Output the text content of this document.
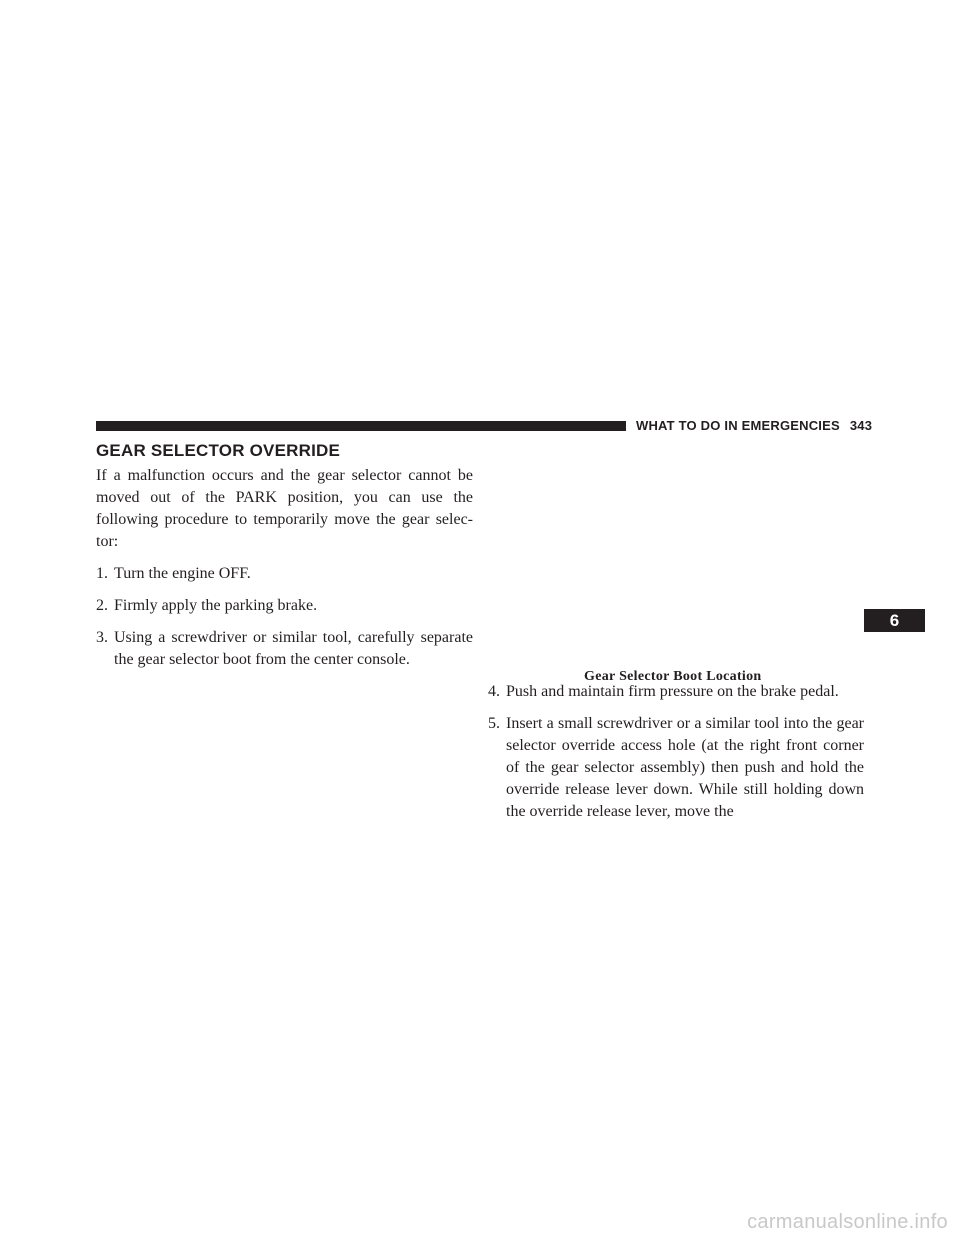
WHAT TO DO IN EMERGENCIES 343
GEAR SELECTOR OVERRIDE

If a malfunction occurs and the gear selector cannot be moved out of the PARK position, you can use the following procedure to temporarily move the gear selec-tor:

1. Turn the engine OFF.

2. Firmly apply the parking brake.

3. Using a screwdriver or similar tool, carefully separate the gear selector boot from the center console.

Gear Selector Boot Location

6

4. Push and maintain firm pressure on the brake pedal.

5. Insert a small screwdriver or a similar tool into the gear selector override access hole (at the right front corner of the gear selector assembly) then push and hold the override release lever down. While still holding down the override release lever, move the

carmanualsonline.info
